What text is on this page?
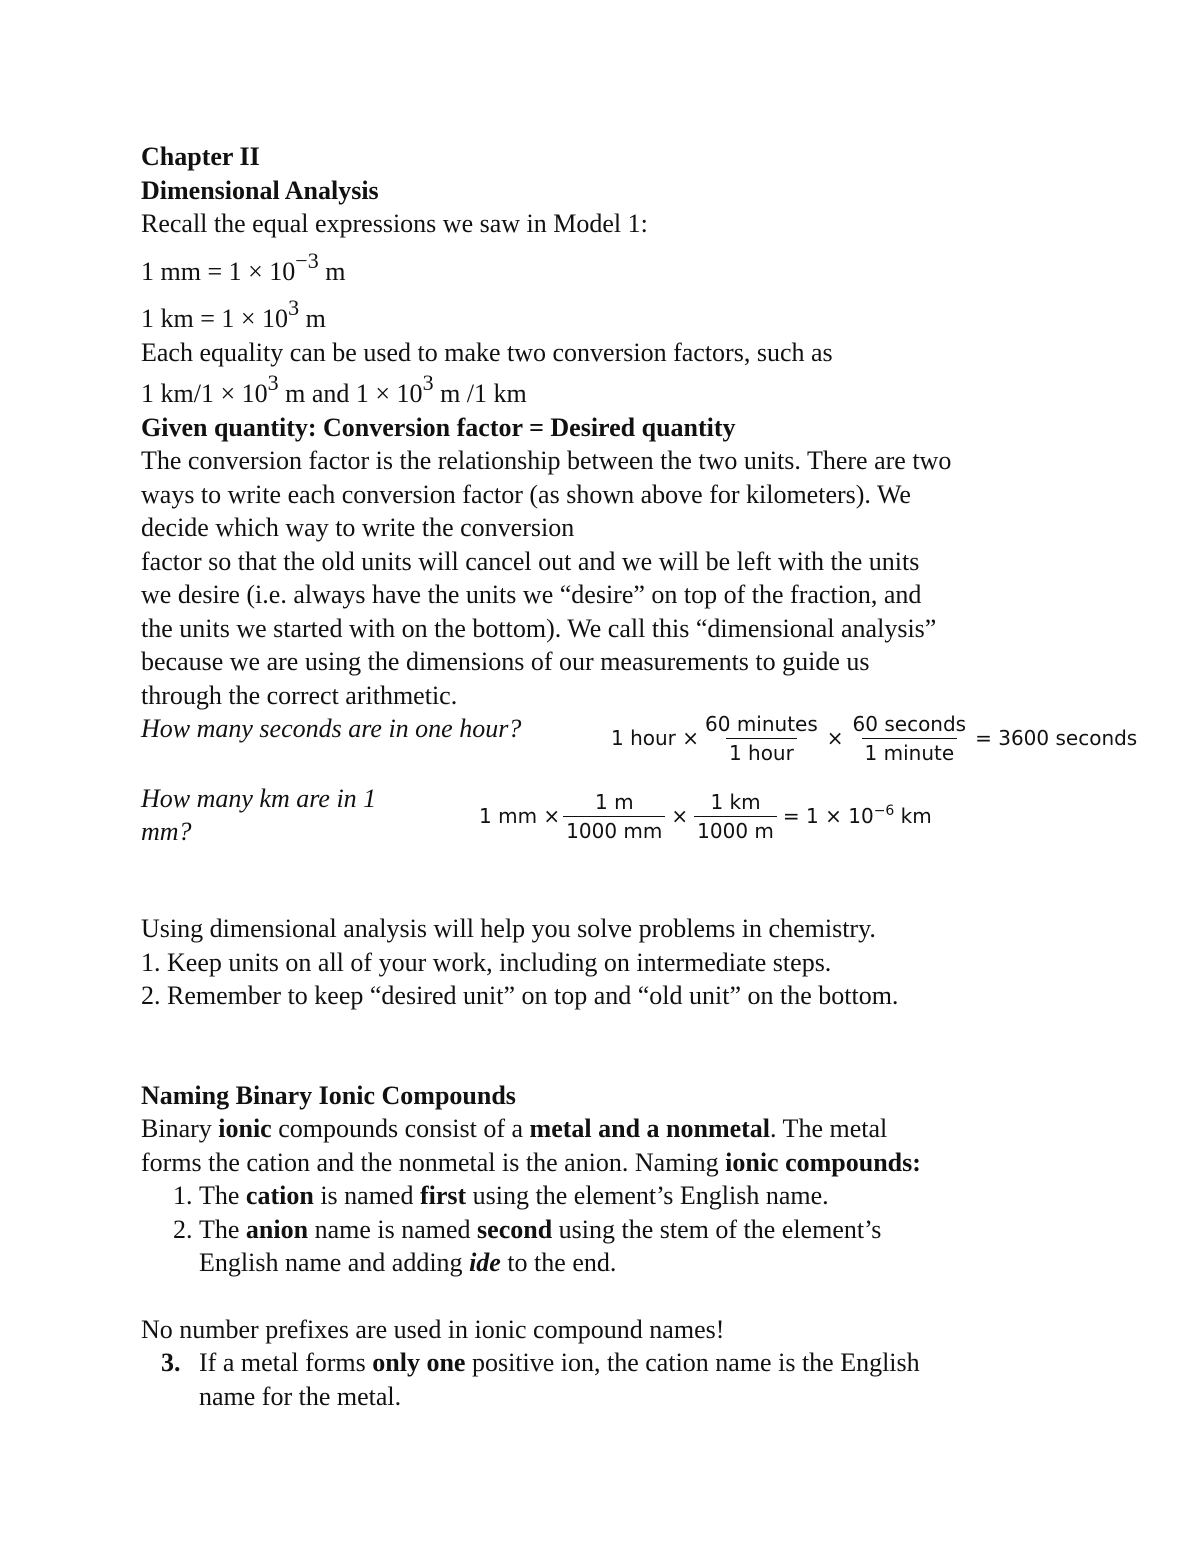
Chapter II
Dimensional Analysis
Recall the equal expressions we saw in Model 1:
1 mm = $1 \times 10^{-3}$ m
1 km = $1 \times 10^3$ m
Each equality can be used to make two conversion factors, such as
1 $km/1 \times 10^3$ m and $1 \times 10^3$ m /1 km
Given quantity: Conversion factor = Desired quantity
The conversion factor is the relationship between the two units. There are two
ways to write each conversion factor (as shown above for kilometers). We
decide which way to write the conversion
factor so that the old units will cancel out and we will be left with the units
we desire (i.e. always have the units we “desire” on top of the fraction, and
the units we started with on the bottom). We call this “dimensional analysis”
because we are using the dimensions of our measurements to guide us
through the correct arithmetic.
How many seconds are in one hour?	1 hour × $\frac{\text{60 minutes}}{\text{1 hour}} \times \frac{\text{60 seconds}}{\text{1 minute}} = 3600$ seconds
How many km are in 1
mm?
1 mm × $\frac{1 m}{1000 mm} \times \frac{1 km}{1000 m} = 1 \times 10^{-6}$ km
Using dimensional analysis will help you solve problems in chemistry.
1. Keep units on all of your work, including on intermediate steps.
2. Remember to keep “desired unit” on top and “old unit” on the bottom.
Naming Binary Ionic Compounds
Binary ionic compounds consist of a metal and a nonmetal. The metal
forms the cation and the nonmetal is the anion. Naming ionic compounds:
1. The cation is named first using the element’s English name.
2. The anion name is named second using the stem of the element’s
English name and adding ide to the end.
No number prefixes are used in ionic compound names!
3. If a metal forms only one positive ion, the cation name is the English
name for the metal.
